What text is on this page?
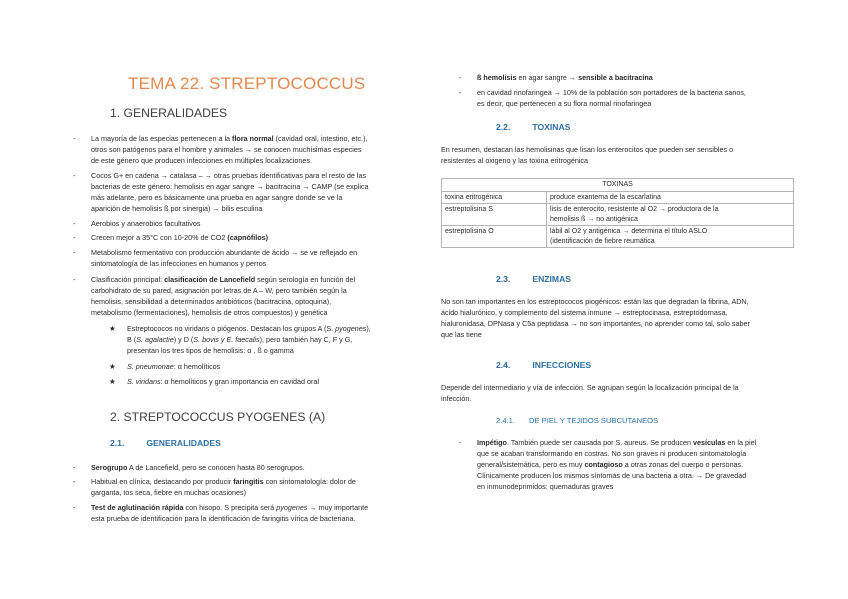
TEMA 22. STREPTOCOCCUS
1. GENERALIDADES
- La mayoría de las especias pertenecen a la flora normal (cavidad oral, intestino, etc.),
otros son patógenos para el hombre y animales → se conocen muchísimas especies
de este género que producen infecciones en múltiples localizaciones.
- Cocos G+ en cadena → catalasa – → otras pruebas identificativas para el resto de las
bacterias de este género: hemolisis en agar sangre → bacitracina → CAMP (se explica
más adelante, pero es básicamente una prueba en agar sangre donde se ve la
aparición de hemolisis ß por sinergia) → bilis esculina
- Aerobios y anaerobios facultativos
- Crecen mejor a 35°C con 10-20% de CO2 (capnófilos)
- Metabolismo fermentativo con producción abundante de ácido → se ve reflejado en
sintomatología de las infecciones en humanos y perros
- Clasificación principal: clasificación de Lancefield según serología en función del
carbohidrato de su pared, asignación por letras de A – W, pero también según la
hemolisis, sensibilidad a determinados antibióticos (bacitracina, optoquina),
metabolismo (fermentaciones), hemolisis de otros compuestos) y genética
★ Estreptococos no viridans o piógenos. Destacan los grupos A (S. pyogenes),
B (S. agalactie) y D (S. bovis y E. faecalis), pero también hay C, F y G,
presentan los tres tipos de hemolisis: α , ß o gamma
★ S. pneumonae: α hemolíticos
★ S. viridans: α hemolíticos y gran importancia en cavidad oral
2. STREPTOCOCCUS PYOGENES (A)
2.1.	GENERALIDADES
- Serogrupo A de Lancefield, pero se conocen hasta 80 serogrupos.
- Habitual en clínica, destacando por producir faringitis con sintomatología: dolor de
garganta, tos seca, fiebre en muchas ocasiones)
- Test de aglutinación rápida con hisopo. S precipita será pyogenes → muy importante
esta prueba de identificación para la identificación de faringitis vírica de bacteriana.
- ß hemolisis en agar sangre → sensible a bacitracina
- en cavidad rinofaringea → 10% de la población son portadores de la bacteria sanos,
es decir, que pertenecen a su flora normal rinofaringea
2.2.	TOXINAS
En resumen, destacan las hemolisinas que lisan los enterocitos que pueden ser sensibles o
resistentes al oxigeno y las toxina eritrogénica
TOXINAS	
toxina eritrogénica	produce exantema de la escarlatina
estreptolisina S	lisis de enterocito, resistente al O2 → productora de la
hemolisis ß → no antigénica

estreptolisina O	lábil al O2 y antigénica → determina el título ASLO
(identificación de fiebre reumática
2.3.	ENZIMAS
No son tan importantes en los estreptococos piogénicos: están las que degradan la fibrina, ADN,
ácido hialurónico, y complemento del sistema inmune → estreptocinasa, estreptodornasa,
hialuronidasa, DPNasa y C5a peptidasa → no son importantes, no aprender como tal, solo saber
que las tiene
2.4.	INFECCIONES
Depende del intermediario y vía de infección. Se agrupan según la localización principal de la
infección.
2.4.1. DE PIEL Y TEJIDOS SUBCUTANEOS
- Impétigo. También puede ser causada por S. aureus. Se producen vesículas en la piel
que se acaban transformando en costras. No son graves ni producen sintomatología
general/sistemática, pero es muy contagioso a otras zonas del cuerpo o personas.
Clínicamente producen los mismos síntomas de una bacteria a otra. → De gravedad
en inmunodeprimidos: quemaduras graves
